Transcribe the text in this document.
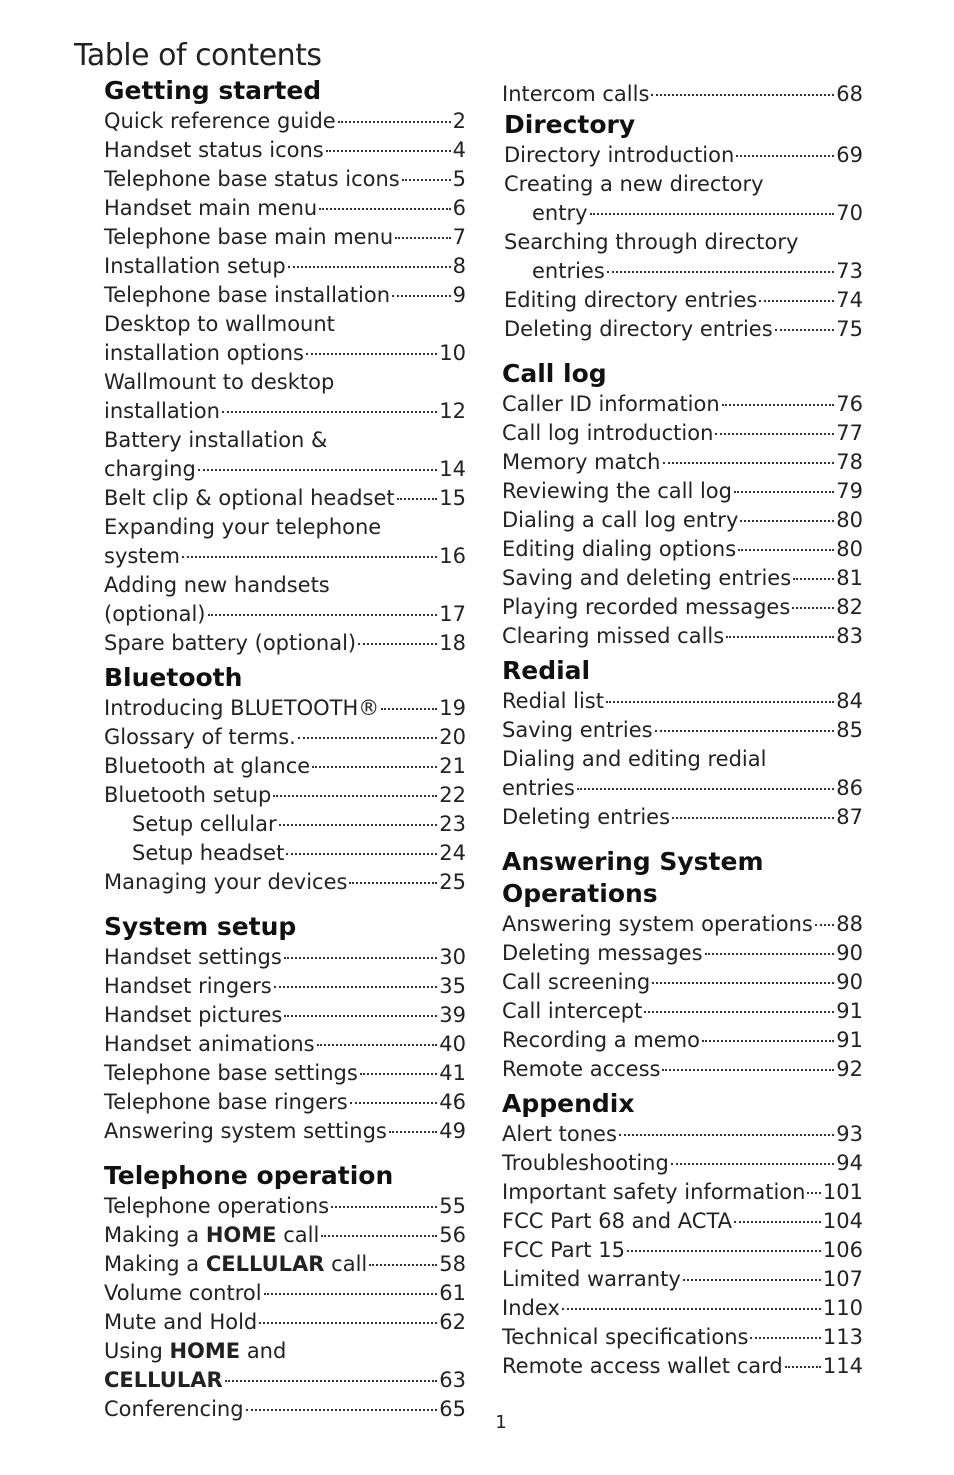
Table of contents
Getting started
Quick reference guide	2
Handset status icons	4
Telephone base status icons	5
Handset main menu	6
Telephone base main menu	7
Installation setup	8
Telephone base installation	9
Desktop to wallmount
installation options	10
Wallmount to desktop
installation	12
Battery installation &
charging	14
Belt clip & optional headset 15
Expanding your telephone
system	16
Adding new handsets
(optional)	17
Spare battery (optional)	18
Bluetooth
Introducing BLUETOOTH®	19
Glossary of terms.	20
Bluetooth at glance	21
Bluetooth setup	22
Setup cellular	23
Setup headset	24
Managing your devices	25
System setup
Handset settings	30
Handset ringers	35
Handset pictures	39
Handset animations	40
Telephone base settings	41
Telephone base ringers	46
Answering system settings 49
Telephone operation
Telephone operations	55
Making a HOME call	56
Making a CELLULAR call	58
Volume control	61
Mute and Hold	62
Using HOME and
CELLULAR	63
Conferencing	65
Intercom calls	68
Directory
Directory introduction	69
Creating a new directory
entry	70
Searching through directory
entries	73
Editing directory entries	74
Deleting directory entries	75
Call log
Caller ID information	76
Call log introduction	77
Memory match	78
Reviewing the call log	79
Dialing a call log entry	80
Editing dialing options	80
Saving and deleting entries 81
Playing recorded messages 82
Clearing missed calls	83
Redial
Redial list	84
Saving entries	85
Dialing and editing redial
entries	86
Deleting entries	87
Answering System
Operations
Answering system operations 88
Deleting messages	90
Call screening	90
Call intercept	91
Recording a memo	91
Remote access	92
Appendix
Alert tones	93
Troubleshooting	94
Important safety information 101
FCC Part 68 and ACTA	104
FCC Part 15	106
Limited warranty	107
Index	110
Technical specifications	113
Remote access wallet card 114
1
